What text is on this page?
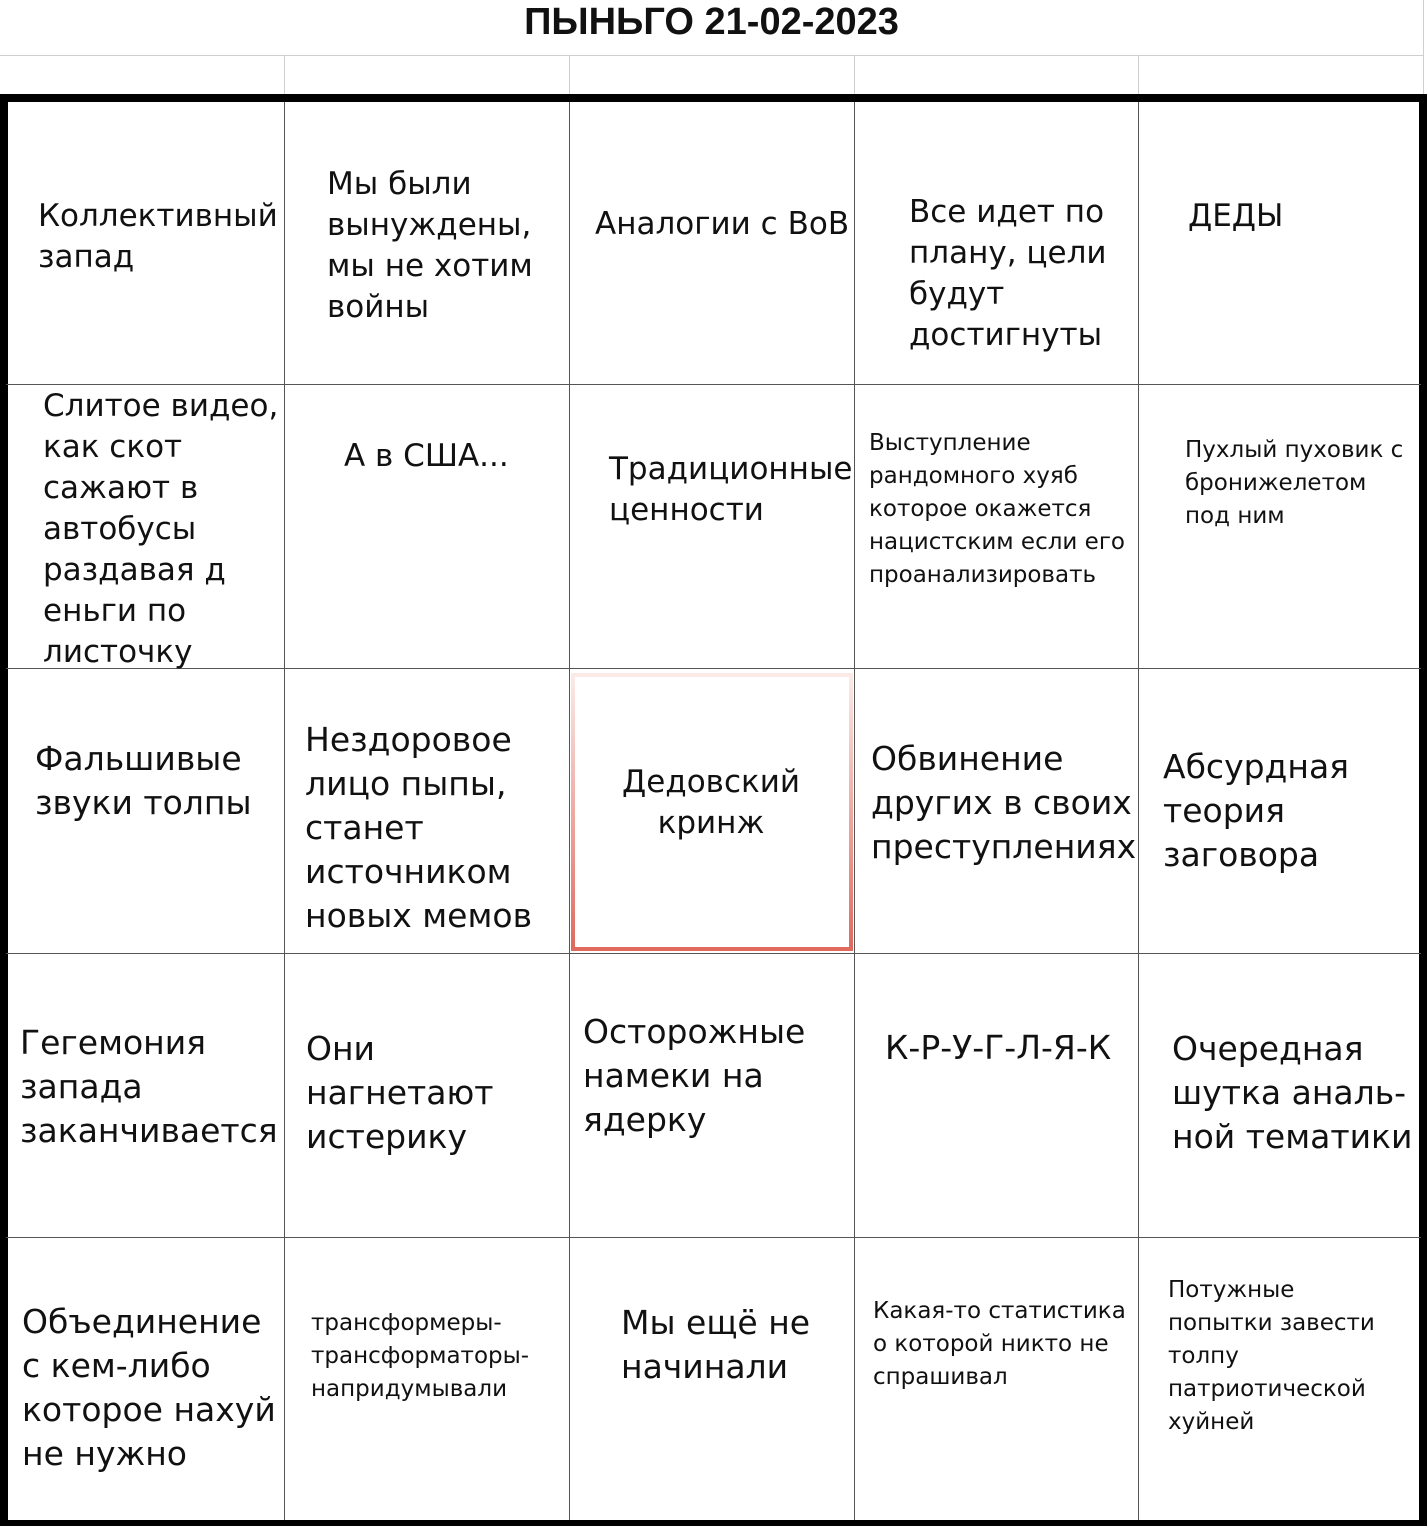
ПЫНЬГО 21-02-2023
Коллективный запад
Мы были вынуждены, мы не хотим войны
Аналогии с ВоВ Все идет по плану, цели будут достигнуты
ДЕДЫ
Слитое видео, как скот сажают в автобусы раздавая д еньги по листочку
А в США...	Традиционные ценности
Выступление рандомного хуяб которое окажется нацистским если его проанализировать
Пухлый пуховик с бронижелетом под ним
Фальшивые звуки толпы
Нездоровое лицо пыпы, станет источником новых мемов
Дедовский кринж
Обвинение других в своих преступлениях
Абсурдная теория заговора
Гегемония запада заканчивается
Они нагнетают истерику
Осторожные намеки на ядерку
К-Р-У-Г-Л-Я-К	Очередная шутка аналь-ной тематики
Объединение с кем-либо которое нахуй не нужно
трансформеры-трансформаторы-напридумывали
Мы ещё не начинали
Какая-то статистика о которой никто не спрашивал
Потужные попытки завести толпу патриотической хуйней
